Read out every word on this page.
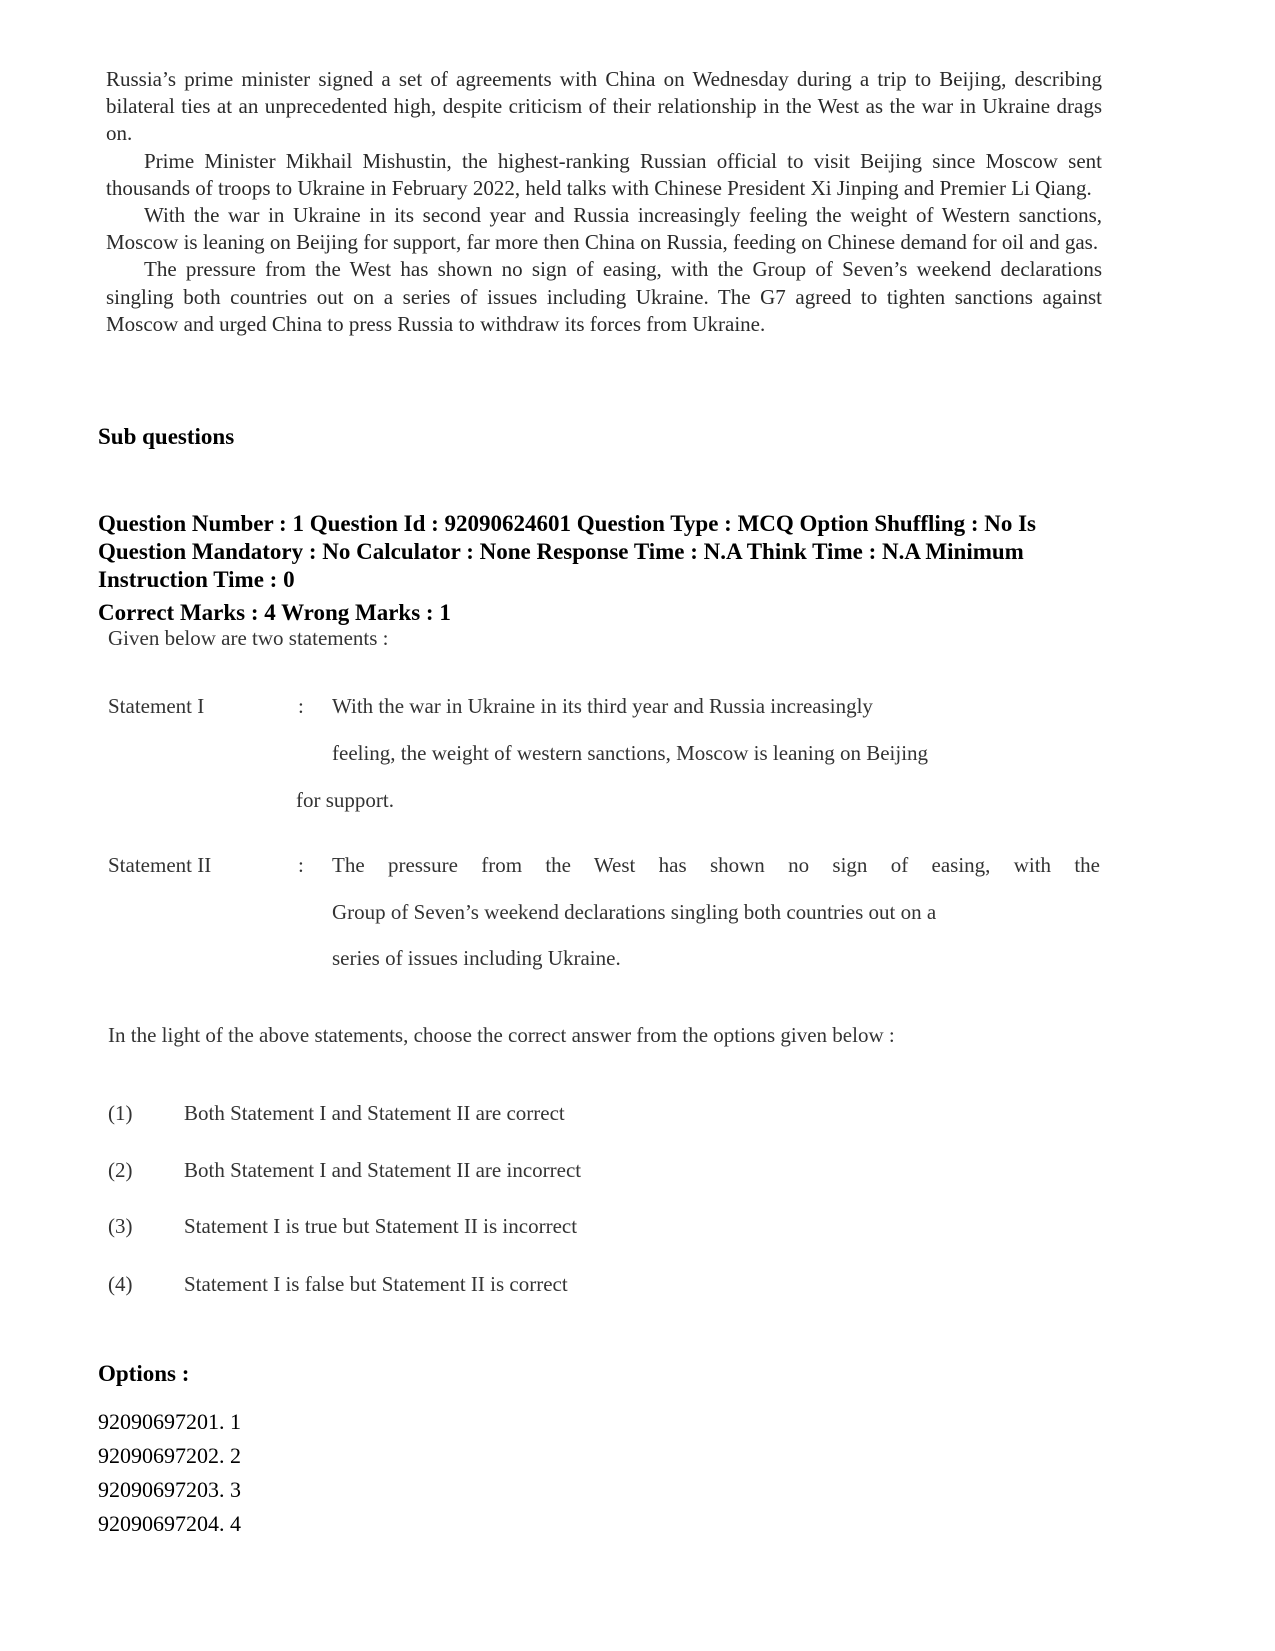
Russia’s prime minister signed a set of agreements with China on Wednesday during a trip to Beijing, describing bilateral ties at an unprecedented high, despite criticism of their relationship in the West as the war in Ukraine drags on.

Prime Minister Mikhail Mishustin, the highest-ranking Russian official to visit Beijing since Moscow sent thousands of troops to Ukraine in February 2022, held talks with Chinese President Xi Jinping and Premier Li Qiang.

With the war in Ukraine in its second year and Russia increasingly feeling the weight of Western sanctions, Moscow is leaning on Beijing for support, far more then China on Russia, feeding on Chinese demand for oil and gas.

The pressure from the West has shown no sign of easing, with the Group of Seven’s weekend declarations singling both countries out on a series of issues including Ukraine. The G7 agreed to tighten sanctions against Moscow and urged China to press Russia to withdraw its forces from Ukraine.

Sub questions
Question Number : 1 Question Id : 92090624601 Question Type : MCQ Option Shuffling : No Is Question Mandatory : No Calculator : None Response Time : N.A Think Time : N.A Minimum Instruction Time : 0
Correct Marks : 4 Wrong Marks : 1
Given below are two statements :
Statement I	: With the war in Ukraine in its third year and Russia increasingly
feeling, the weight of western sanctions, Moscow is leaning on Beijing
for support.
Statement II	: The pressure from the West has shown no sign of easing, with the
Group of Seven’s weekend declarations singling both countries out on a
series of issues including Ukraine.
In the light of the above statements, choose the correct answer from the options given below :
(1) Both Statement I and Statement II are correct
(2) Both Statement I and Statement II are incorrect
(3) Statement I is true but Statement II is incorrect
(4) Statement I is false but Statement II is correct
Options :
92090697201. 1
92090697202. 2
92090697203. 3
92090697204. 4
